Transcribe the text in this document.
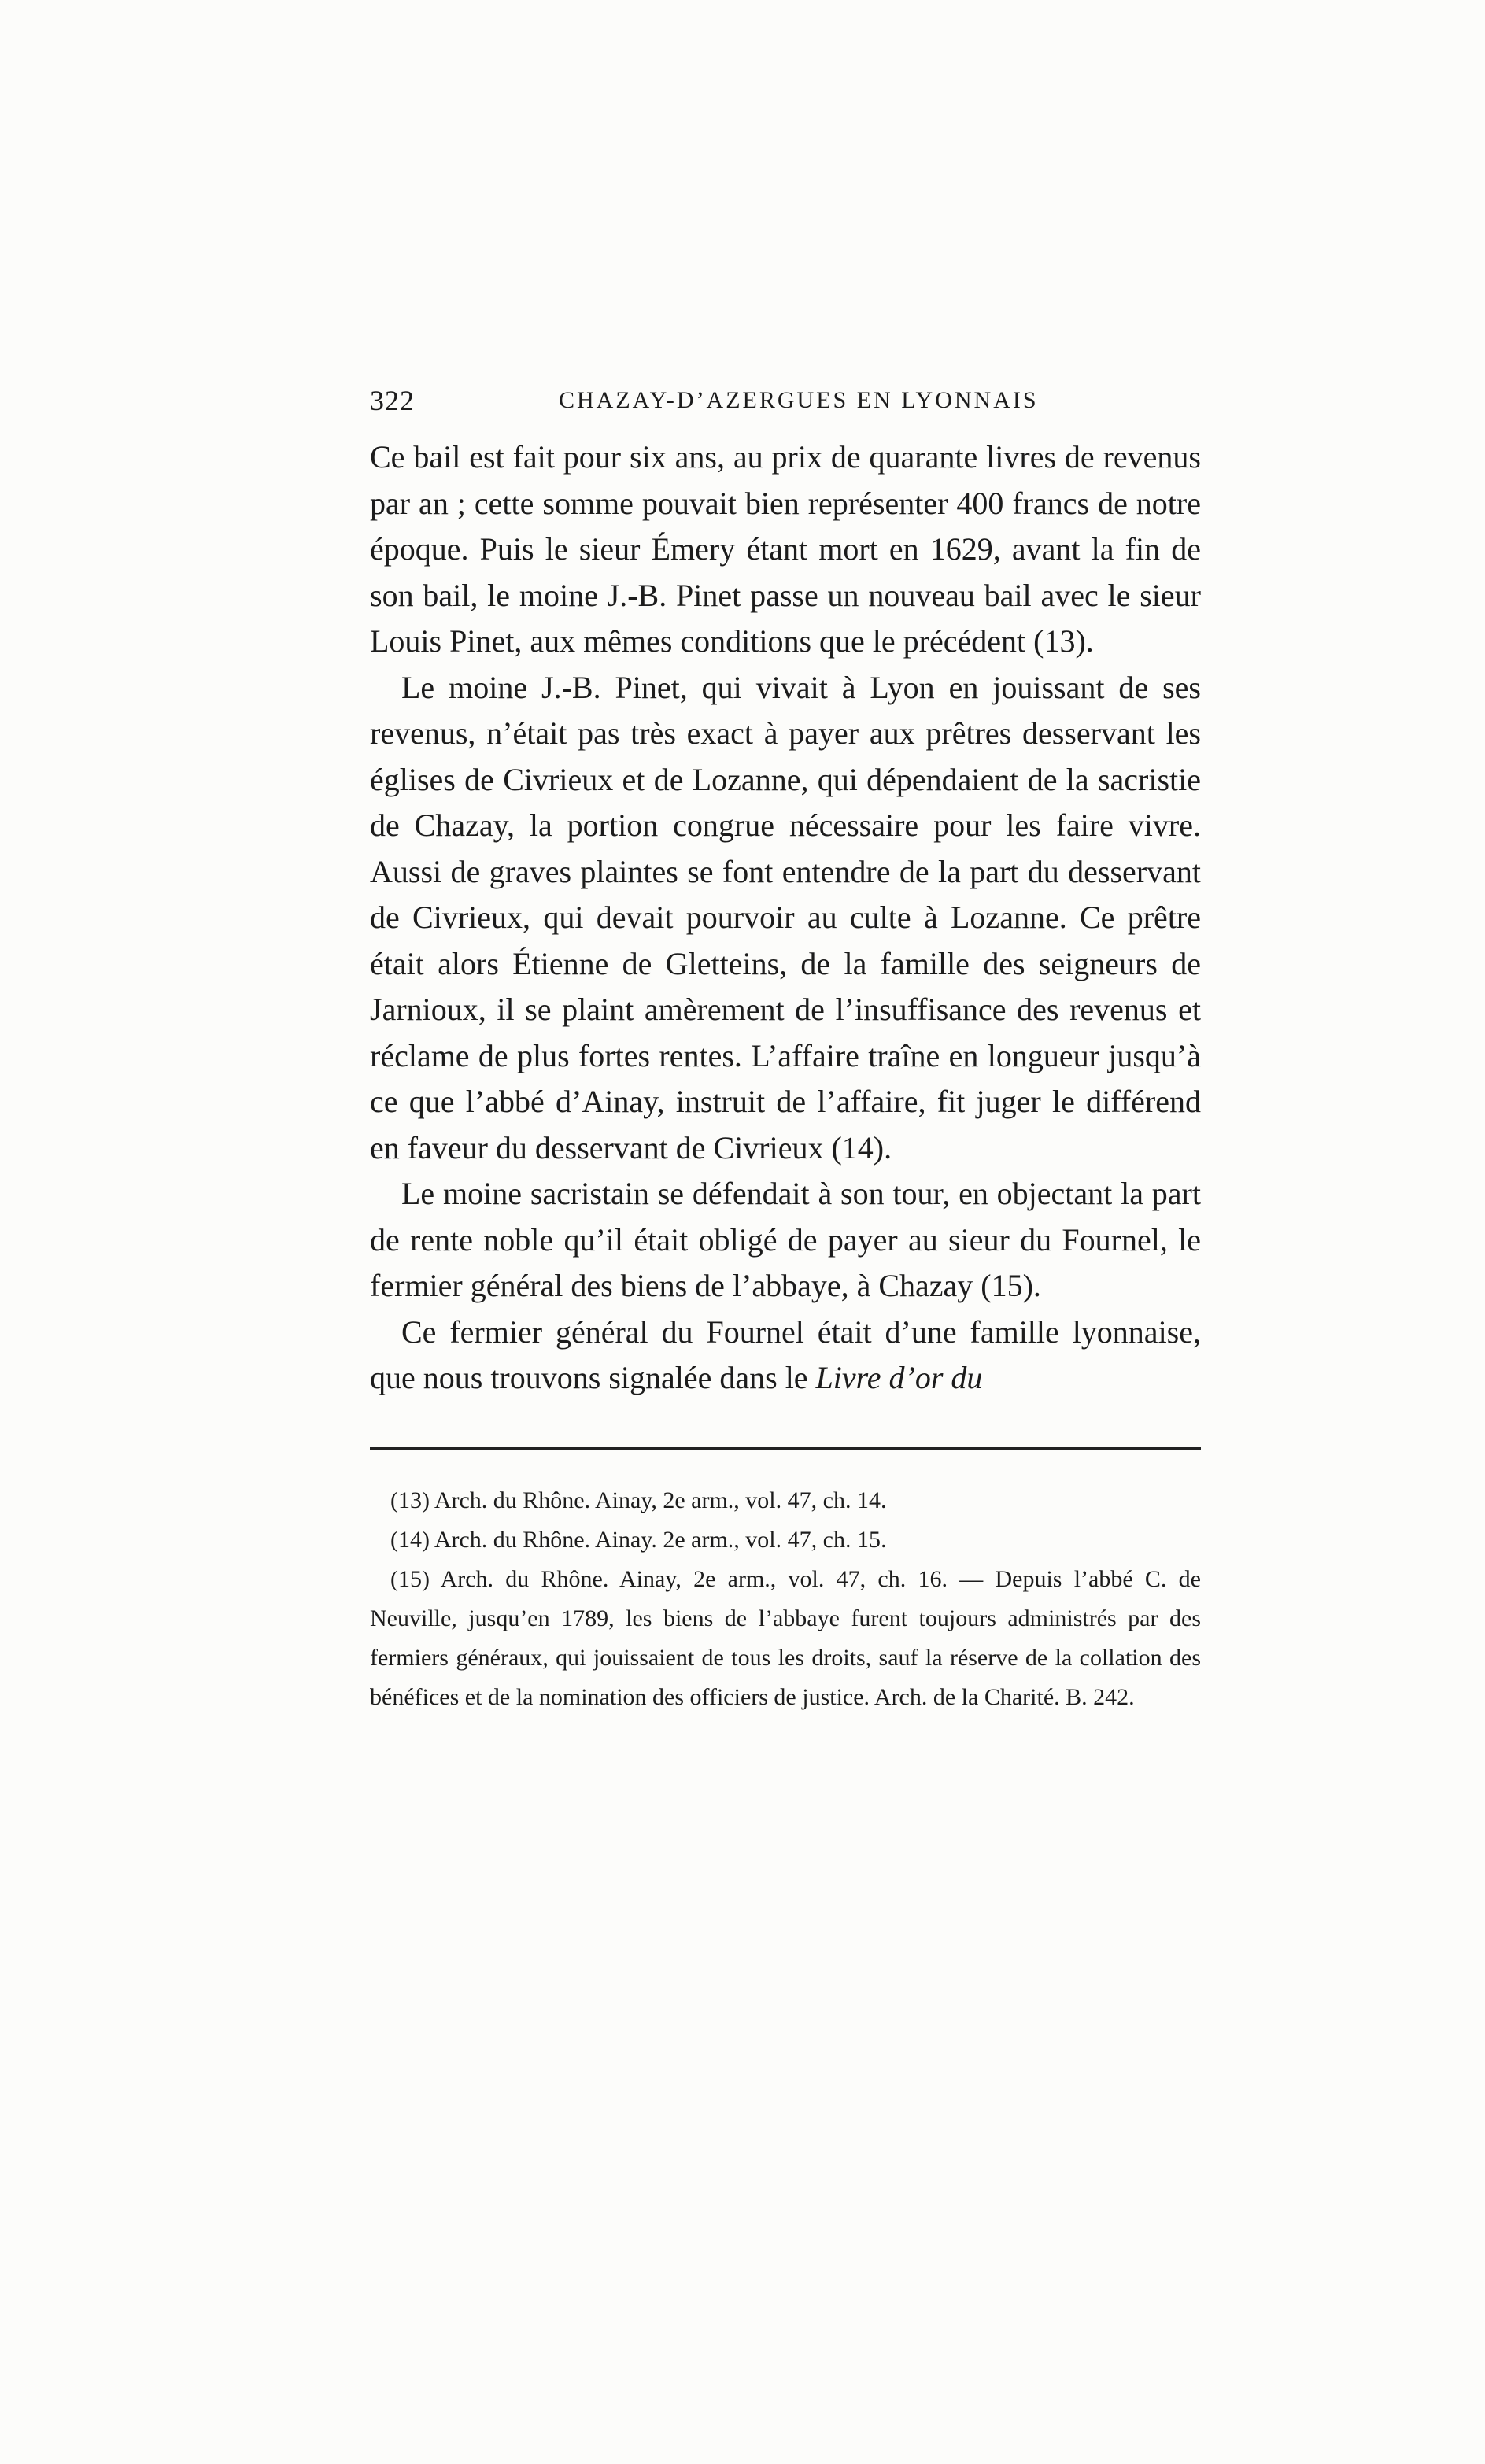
322	CHAZAY-D’AZERGUES EN LYONNAIS

Ce bail est fait pour six ans, au prix de quarante livres de revenus par an ; cette somme pouvait bien représenter 400 francs de notre époque. Puis le sieur Émery étant mort en 1629, avant la fin de son bail, le moine J.-B. Pinet passe un nouveau bail avec le sieur Louis Pinet, aux mêmes conditions que le précédent (13).

Le moine J.-B. Pinet, qui vivait à Lyon en jouissant de ses revenus, n’était pas très exact à payer aux prêtres desservant les églises de Civrieux et de Lozanne, qui dépendaient de la sacristie de Chazay, la portion congrue nécessaire pour les faire vivre. Aussi de graves plaintes se font entendre de la part du desservant de Civrieux, qui devait pourvoir au culte à Lozanne. Ce prêtre était alors Étienne de Gletteins, de la famille des seigneurs de Jarnioux, il se plaint amèrement de l’insuffisance des revenus et réclame de plus fortes rentes. L’affaire traîne en longueur jusqu’à ce que l’abbé d’Ainay, instruit de l’affaire, fit juger le différend en faveur du desservant de Civrieux (14).

Le moine sacristain se défendait à son tour, en objectant la part de rente noble qu’il était obligé de payer au sieur du Fournel, le fermier général des biens de l’abbaye, à Chazay (15).

Ce fermier général du Fournel était d’une famille lyonnaise, que nous trouvons signalée dans le Livre d’or du

(13) Arch. du Rhône. Ainay, 2e arm., vol. 47, ch. 14.

(14) Arch. du Rhône. Ainay. 2e arm., vol. 47, ch. 15.

(15) Arch. du Rhône. Ainay, 2e arm., vol. 47, ch. 16. — Depuis l’abbé C. de Neuville, jusqu’en 1789, les biens de l’abbaye furent toujours administrés par des fermiers généraux, qui jouissaient de tous les droits, sauf la réserve de la collation des bénéfices et de la nomination des officiers de justice. Arch. de la Charité. B. 242.
